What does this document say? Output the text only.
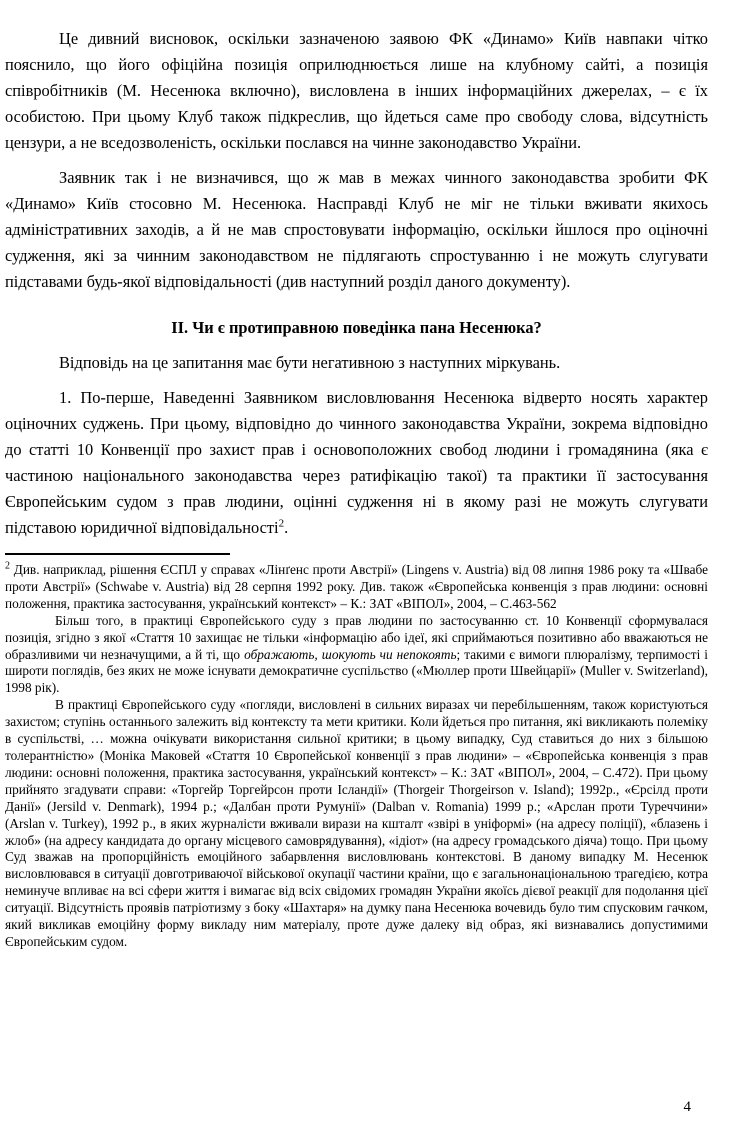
Це дивний висновок, оскільки зазначеною заявою ФК «Динамо» Київ навпаки чітко пояснило, що його офіційна позиція оприлюднюється лише на клубному сайті, а позиція співробітників (М. Несенюка включно), висловлена в інших інформаційних джерелах, – є їх особистою. При цьому Клуб також підкреслив, що йдеться саме про свободу слова, відсутність цензури, а не вседозволеність, оскільки послався на чинне законодавство України.

Заявник так і не визначився, що ж мав в межах чинного законодавства зробити ФК «Динамо» Київ стосовно М. Несенюка. Насправді Клуб не міг не тільки вживати якихось адміністративних заходів, а й не мав спростовувати інформацію, оскільки йшлося про оціночні судження, які за чинним законодавством не підлягають спростуванню і не можуть слугувати підставами будь-якої відповідальності (див наступний розділ даного документу).

ІІ. Чи є протиправною поведінка пана Несенюка?

Відповідь на це запитання має бути негативною з наступних міркувань.

1. По-перше, Наведенні Заявником висловлювання Несенюка відверто носять характер оціночних суджень. При цьому, відповідно до чинного законодавства України, зокрема відповідно до статті 10 Конвенції про захист прав і основоположних свобод людини і громадянина (яка є частиною національного законодавства через ратифікацію такої) та практики її застосування Європейським судом з прав людини, оцінні судження ні в якому разі не можуть слугувати підставою юридичної відповідальності$^2$.

$^2$ Див. наприклад, рішення ЄСПЛ у справах «Лінґенс проти Австрії» (Lingens v. Austria) від 08 липня 1986 року та «Швабе проти Австрії» (Schwabe v. Austria) від 28 серпня 1992 року. Див. також «Європейська конвенція з прав людини: основні положення, практика застосування, український контекст» – К.: ЗАТ «ВІПОЛ», 2004, – С.463-562

Більш того, в практиці Європейського суду з прав людини по застосуванню ст. 10 Конвенції сформувалася позиція, згідно з якої «Стаття 10 захищає не тільки «інформацію або ідеї, які сприймаються позитивно або вважаються не образливими чи незначущими, а й ті, що ображають, шокують чи непокоять; такими є вимоги плюралізму, терпимості і широти поглядів, без яких не може існувати демократичне суспільство («Мюллер проти Швейцарії» (Muller v. Switzerland), 1998 рік).

В практиці Європейського суду «погляди, висловлені в сильних виразах чи перебільшенням, також користуються захистом; ступінь останнього залежить від контексту та мети критики. Коли йдеться про питання, які викликають полеміку в суспільстві, … можна очікувати використання сильної критики; в цьому випадку, Суд ставиться до них з більшою толерантністю» (Моніка Маковей «Стаття 10 Європейської конвенції з прав людини» – «Європейська конвенція з прав людини: основні положення, практика застосування, український контекст» – К.: ЗАТ «ВІПОЛ», 2004, – С.472). При цьому прийнято згадувати справи: «Торгейр Торгейрсон проти Ісландії» (Thorgeir Thorgeirson v. Island); 1992р., «Єрсілд проти Данії» (Jersild v. Denmark), 1994 р.; «Далбан проти Румунії» (Dalban v. Romania) 1999 р.; «Арслан проти Туреччини» (Arslan v. Turkey), 1992 р., в яких журналісти вживали вирази на кшталт «звірі в уніформі» (на адресу поліції), «блазень і жлоб» (на адресу кандидата до органу місцевого самоврядування), «ідіот» (на адресу громадського діяча) тощо. При цьому Суд зважав на пропорційність емоційного забарвлення висловлювань контекстові. В даному випадку М. Несенюк висловлювався в ситуації довготриваючої військової окупації частини країни, що є загальнонаціональною трагедією, котра неминуче впливає на всі сфери життя і вимагає від всіх свідомих громадян України якоїсь дієвої реакції для подолання цієї ситуації. Відсутність проявів патріотизму з боку «Шахтаря» на думку пана Несенюка вочевидь було тим спусковим гачком, який викликав емоційну форму викладу ним матеріалу, проте дуже далеку від образ, які визнавались допустимими Європейським судом.

4
